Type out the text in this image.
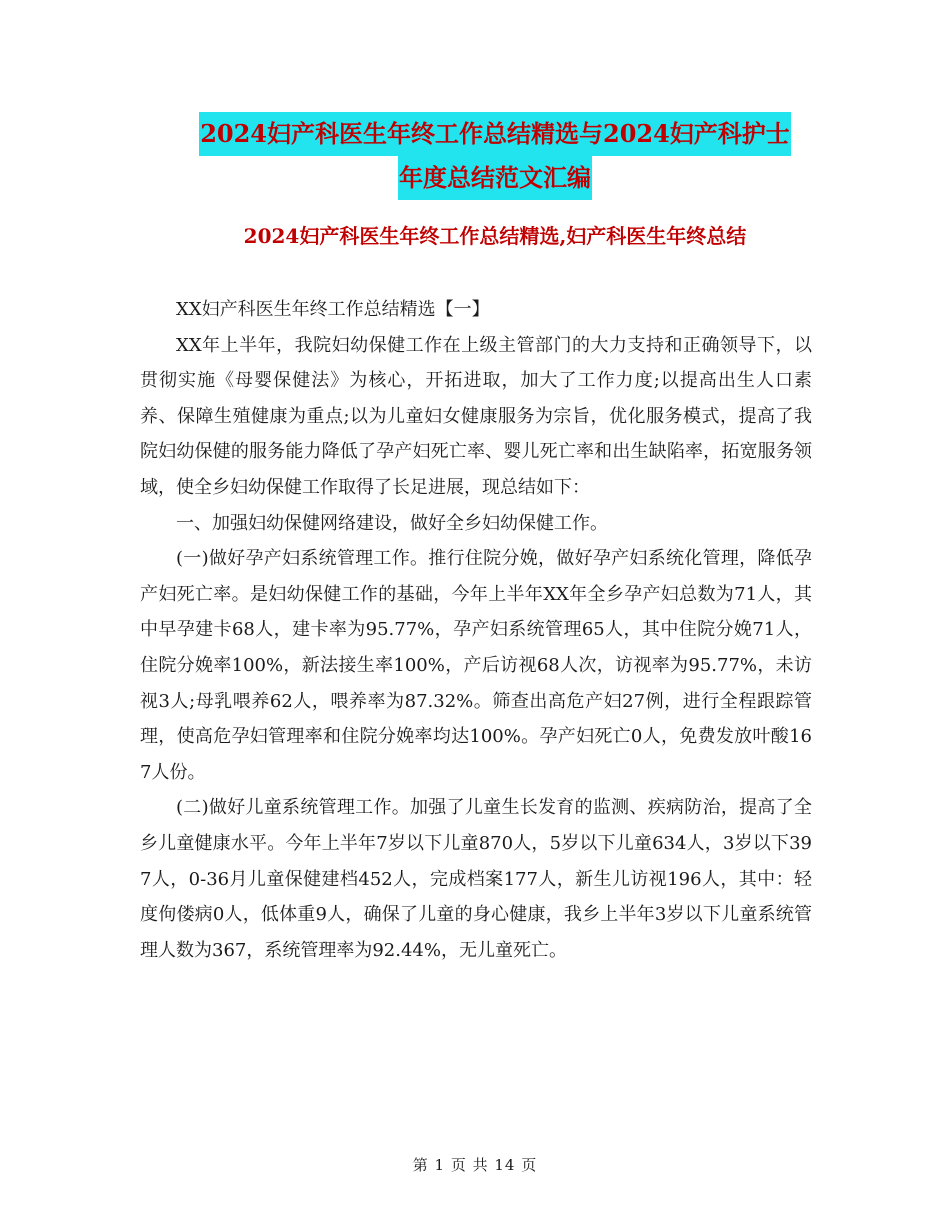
2024妇产科医生年终工作总结精选与2024妇产科护士
年度总结范文汇编
2024妇产科医生年终工作总结精选,妇产科医生年终总结

XX妇产科医生年终工作总结精选【一】

XX年上半年，我院妇幼保健工作在上级主管部门的大力支持和正确领导下，以贯彻实施《母婴保健法》为核心，开拓进取，加大了工作力度;以提高出生人口素养、保障生殖健康为重点;以为儿童妇女健康服务为宗旨，优化服务模式，提高了我院妇幼保健的服务能力降低了孕产妇死亡率、婴儿死亡率和出生缺陷率，拓宽服务领域，使全乡妇幼保健工作取得了长足进展，现总结如下：

一、加强妇幼保健网络建设，做好全乡妇幼保健工作。

(一)做好孕产妇系统管理工作。推行住院分娩，做好孕产妇系统化管理，降低孕产妇死亡率。是妇幼保健工作的基础，今年上半年XX年全乡孕产妇总数为71人，其中早孕建卡68人，建卡率为95.77%，孕产妇系统管理65人，其中住院分娩71人，住院分娩率100%，新法接生率100%，产后访视68人次，访视率为95.77%，未访视3人;母乳喂养62人，喂养率为87.32%。筛查出高危产妇27例，进行全程跟踪管理，使高危孕妇管理率和住院分娩率均达100%。孕产妇死亡0人，免费发放叶酸167人份。

(二)做好儿童系统管理工作。加强了儿童生长发育的监测、疾病防治，提高了全乡儿童健康水平。今年上半年7岁以下儿童870人，5岁以下儿童634人，3岁以下397人，0-36月儿童保健建档452人，完成档案177人，新生儿访视196人，其中：轻度佝偻病0人，低体重9人，确保了儿童的身心健康，我乡上半年3岁以下儿童系统管理人数为367，系统管理率为92.44%，无儿童死亡。

第 1 页 共 14 页
